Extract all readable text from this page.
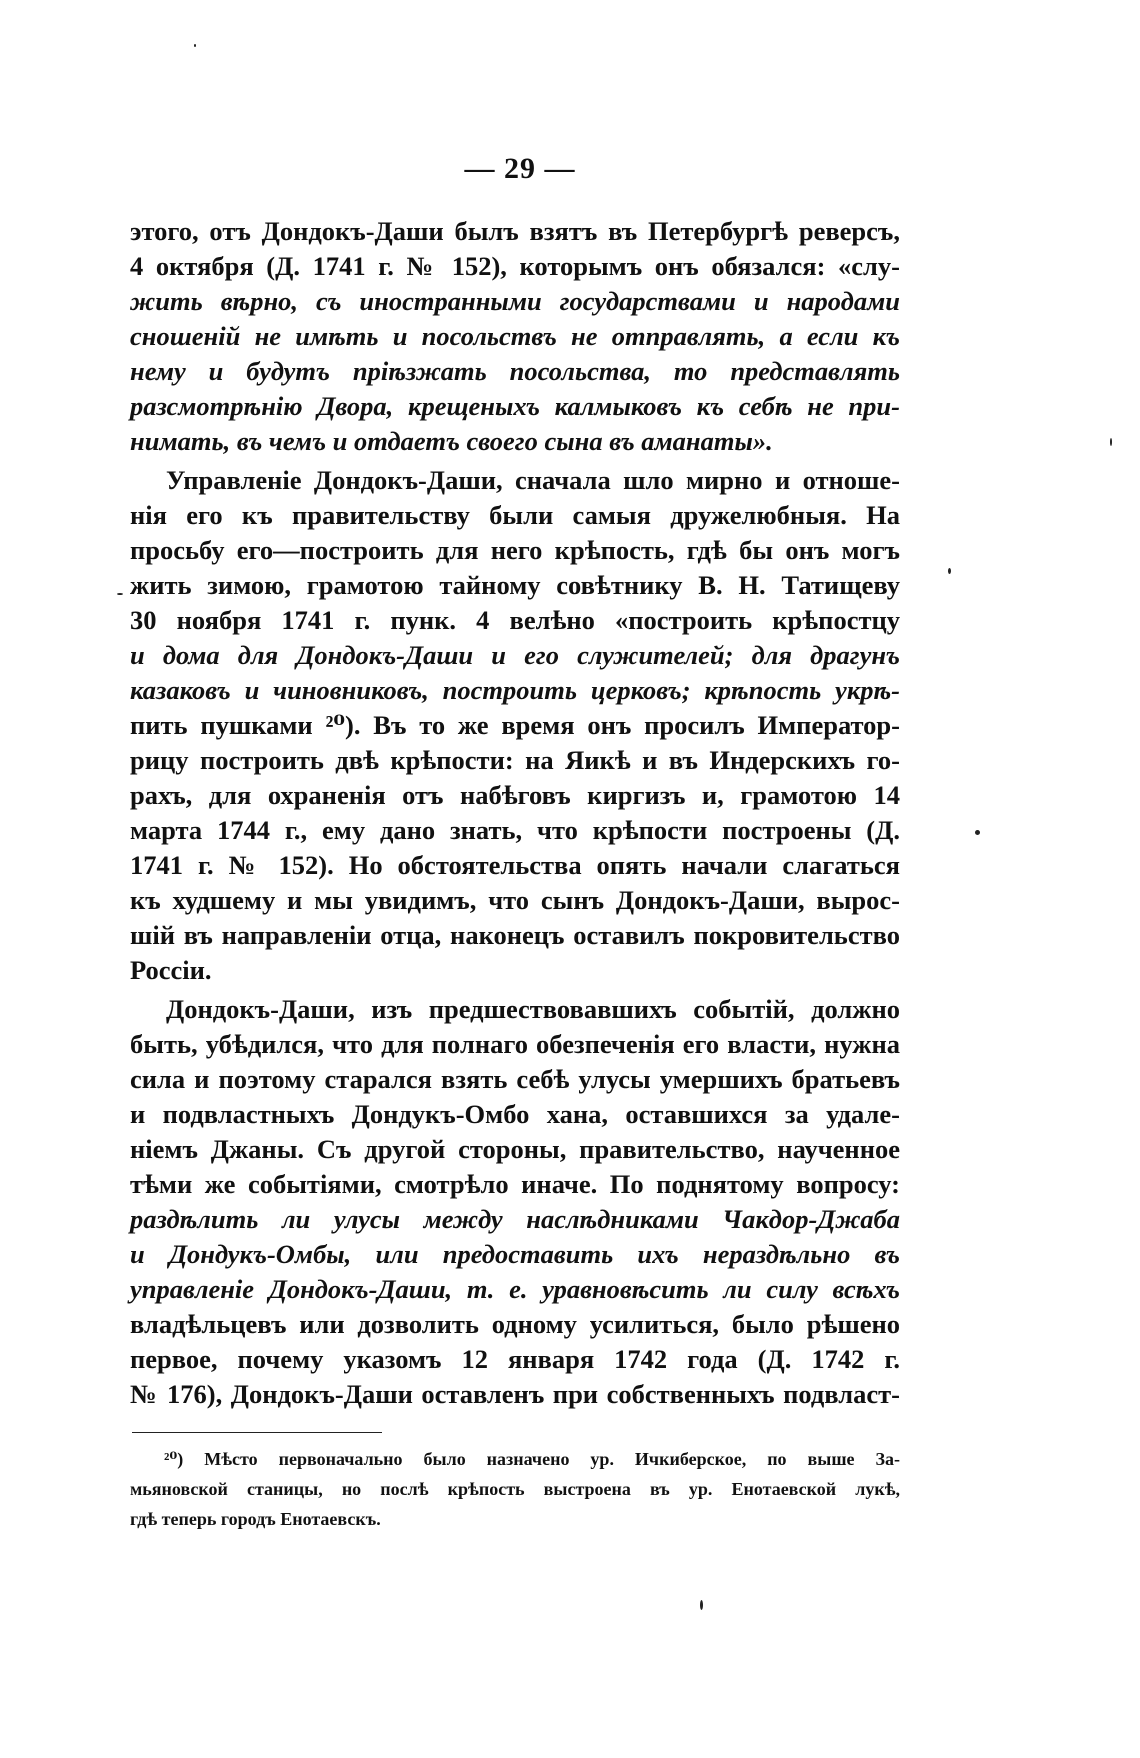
— 29 —
этого, отъ Дондокъ-Даши былъ взятъ въ Петербургѣ реверсъ,
4 октября (Д. 1741 г. № 152), которымъ онъ обязался: «слу-
жить вѣрно, съ иностранными государствами и народами
сношеній не имѣть и посольствъ не отправлять, а если къ
нему и будутъ пріѣзжать посольства, то представлять
разсмотрѣнію Двора, крещеныхъ калмыковъ къ себѣ не при-
нимать, въ чемъ и отдаетъ своего сына въ аманаты».
Управленіе Дондокъ-Даши, сначала шло мирно и отноше-
нія его къ правительству были самыя дружелюбныя. На
просьбу его—построить для него крѣпость, гдѣ бы онъ могъ
жить зимою, грамотою тайному совѣтнику В. Н. Татищеву
30 ноября 1741 г. пунк. 4 велѣно «построить крѣпостцу
и дома для Дондокъ-Даши и его служителей; для драгунъ
казаковъ и чиновниковъ, построить церковъ; крѣпость укрѣ-
пить пушками ²⁰). Въ то же время онъ просилъ Император-
рицу построить двѣ крѣпости: на Яикѣ и въ Индерскихъ го-
рахъ, для охраненія отъ набѣговъ киргизъ и, грамотою 14
марта 1744 г., ему дано знать, что крѣпости построены (Д.
1741 г. № 152). Но обстоятельства опять начали слагаться
къ худшему и мы увидимъ, что сынъ Дондокъ-Даши, вырос-
шій въ направленіи отца, наконецъ оставилъ покровительство
Россіи.
Дондокъ-Даши, изъ предшествовавшихъ событій, должно
быть, убѣдился, что для полнаго обезпеченія его власти, нужна
сила и поэтому старался взять себѣ улусы умершихъ братьевъ
и подвластныхъ Дондукъ-Омбо хана, оставшихся за удале-
ніемъ Джаны. Съ другой стороны, правительство, наученное
тѣми же событіями, смотрѣло иначе. По поднятому вопросу:
раздѣлить ли улусы между наслѣдниками Чакдор-Джаба
и Дондукъ-Омбы, или предоставить ихъ нераздѣльно въ
управленіе Дондокъ-Даши, т. е. уравновѣсить ли силу всѣхъ
владѣльцевъ или дозволить одному усилиться, было рѣшено
первое, почему указомъ 12 января 1742 года (Д. 1742 г.
№ 176), Дондокъ-Даши оставленъ при собственныхъ подвласт-
²⁰) Мѣсто первоначально было назначено ур. Ичкиберское, по выше За-
мьяновской станицы, но послѣ крѣпость выстроена въ ур. Енотаевской лукѣ,
гдѣ теперь городъ Енотаевскъ.
